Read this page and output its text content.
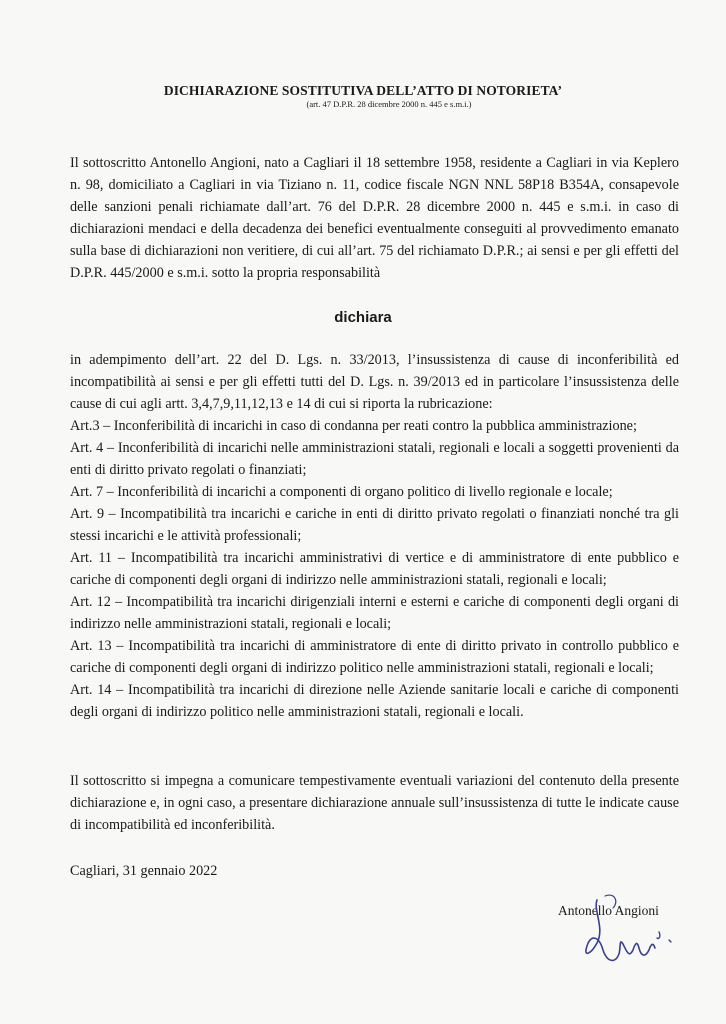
DICHIARAZIONE SOSTITUTIVA DELL’ATTO DI NOTORIETA’
(art. 47 D.P.R. 28 dicembre 2000 n. 445 e s.m.i.)

Il sottoscritto Antonello Angioni, nato a Cagliari il 18 settembre 1958, residente a Cagliari in via Keplero n. 98, domiciliato a Cagliari in via Tiziano n. 11, codice fiscale NGN NNL 58P18 B354A, consapevole delle sanzioni penali richiamate dall’art. 76 del D.P.R. 28 dicembre 2000 n. 445 e s.m.i. in caso di dichiarazioni mendaci e della decadenza dei benefici eventualmente conseguiti al provvedimento emanato sulla base di dichiarazioni non veritiere, di cui all’art. 75 del richiamato D.P.R.; ai sensi e per gli effetti del D.P.R. 445/2000 e s.m.i. sotto la propria responsabilità

dichiara

in adempimento dell’art. 22 del D. Lgs. n. 33/2013, l’insussistenza di cause di inconferibilità ed incompatibilità ai sensi e per gli effetti tutti del D. Lgs. n. 39/2013 ed in particolare l’insussistenza delle cause di cui agli artt. 3,4,7,9,11,12,13 e 14 di cui si riporta la rubricazione:

Art.3 – Inconferibilità di incarichi in caso di condanna per reati contro la pubblica amministrazione;
Art. 4 – Inconferibilità di incarichi nelle amministrazioni statali, regionali e locali a soggetti provenienti da enti di diritto privato regolati o finanziati;
Art. 7 – Inconferibilità di incarichi a componenti di organo politico di livello regionale e locale;
Art. 9 – Incompatibilità tra incarichi e cariche in enti di diritto privato regolati o finanziati nonché tra gli stessi incarichi e le attività professionali;
Art. 11 – Incompatibilità tra incarichi amministrativi di vertice e di amministratore di ente pubblico e cariche di componenti degli organi di indirizzo nelle amministrazioni statali, regionali e locali;
Art. 12 – Incompatibilità tra incarichi dirigenziali interni e esterni e cariche di componenti degli organi di indirizzo nelle amministrazioni statali, regionali e locali;
Art. 13 – Incompatibilità tra incarichi di amministratore di ente di diritto privato in controllo pubblico e cariche di componenti degli organi di indirizzo politico nelle amministrazioni statali, regionali e locali;
Art. 14 – Incompatibilità tra incarichi di direzione nelle Aziende sanitarie locali e cariche di componenti degli organi di indirizzo politico nelle amministrazioni statali, regionali e locali.

Il sottoscritto si impegna a comunicare tempestivamente eventuali variazioni del contenuto della presente dichiarazione e, in ogni caso, a presentare dichiarazione annuale sull’insussistenza di tutte le indicate cause di incompatibilità ed inconferibilità.

Cagliari, 31 gennaio 2022
Antonello Angioni
